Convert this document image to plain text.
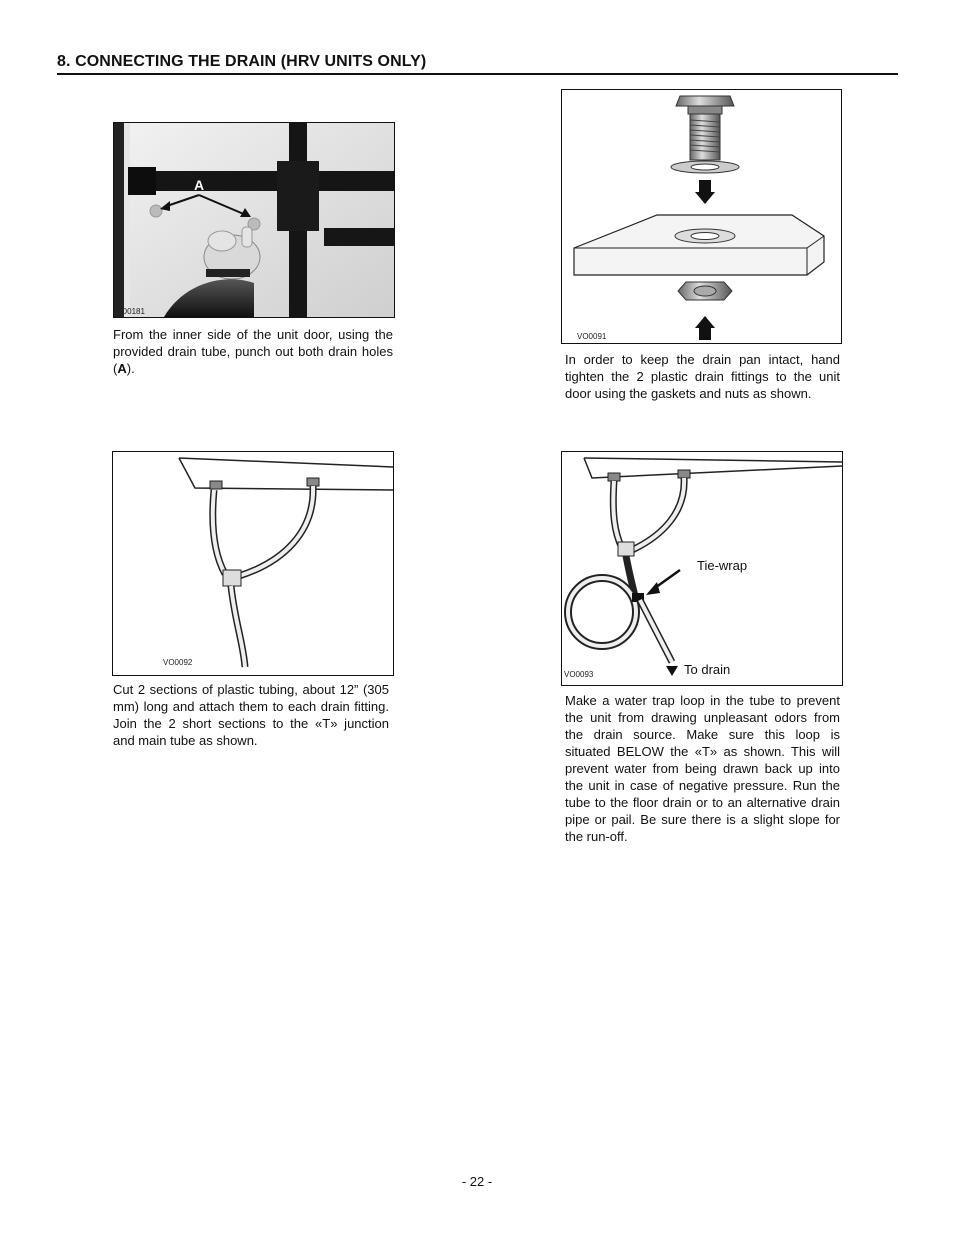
8. CONNECTING THE DRAIN (HRV UNITS ONLY)
A
VD0181

From the inner side of the unit door, using the provided drain tube, punch out both drain holes (A).

VO0091

In order to keep the drain pan intact, hand tighten the 2 plastic drain fittings to the unit door using the gaskets and nuts as shown.

VO0092

Cut 2 sections of plastic tubing, about 12” (305 mm) long and attach them to each drain fitting. Join the 2 short sections to the «T» junction and main tube as shown.

Tie-wrap
To drain
VO0093

Make a water trap loop in the tube to prevent the unit from drawing unpleasant odors from the drain source. Make sure this loop is situated BELOW the «T» as shown. This will prevent water from being drawn back up into the unit in case of negative pressure. Run the tube to the floor drain or to an alternative drain pipe or pail. Be sure there is a slight slope for the run-off.

- 22 -
